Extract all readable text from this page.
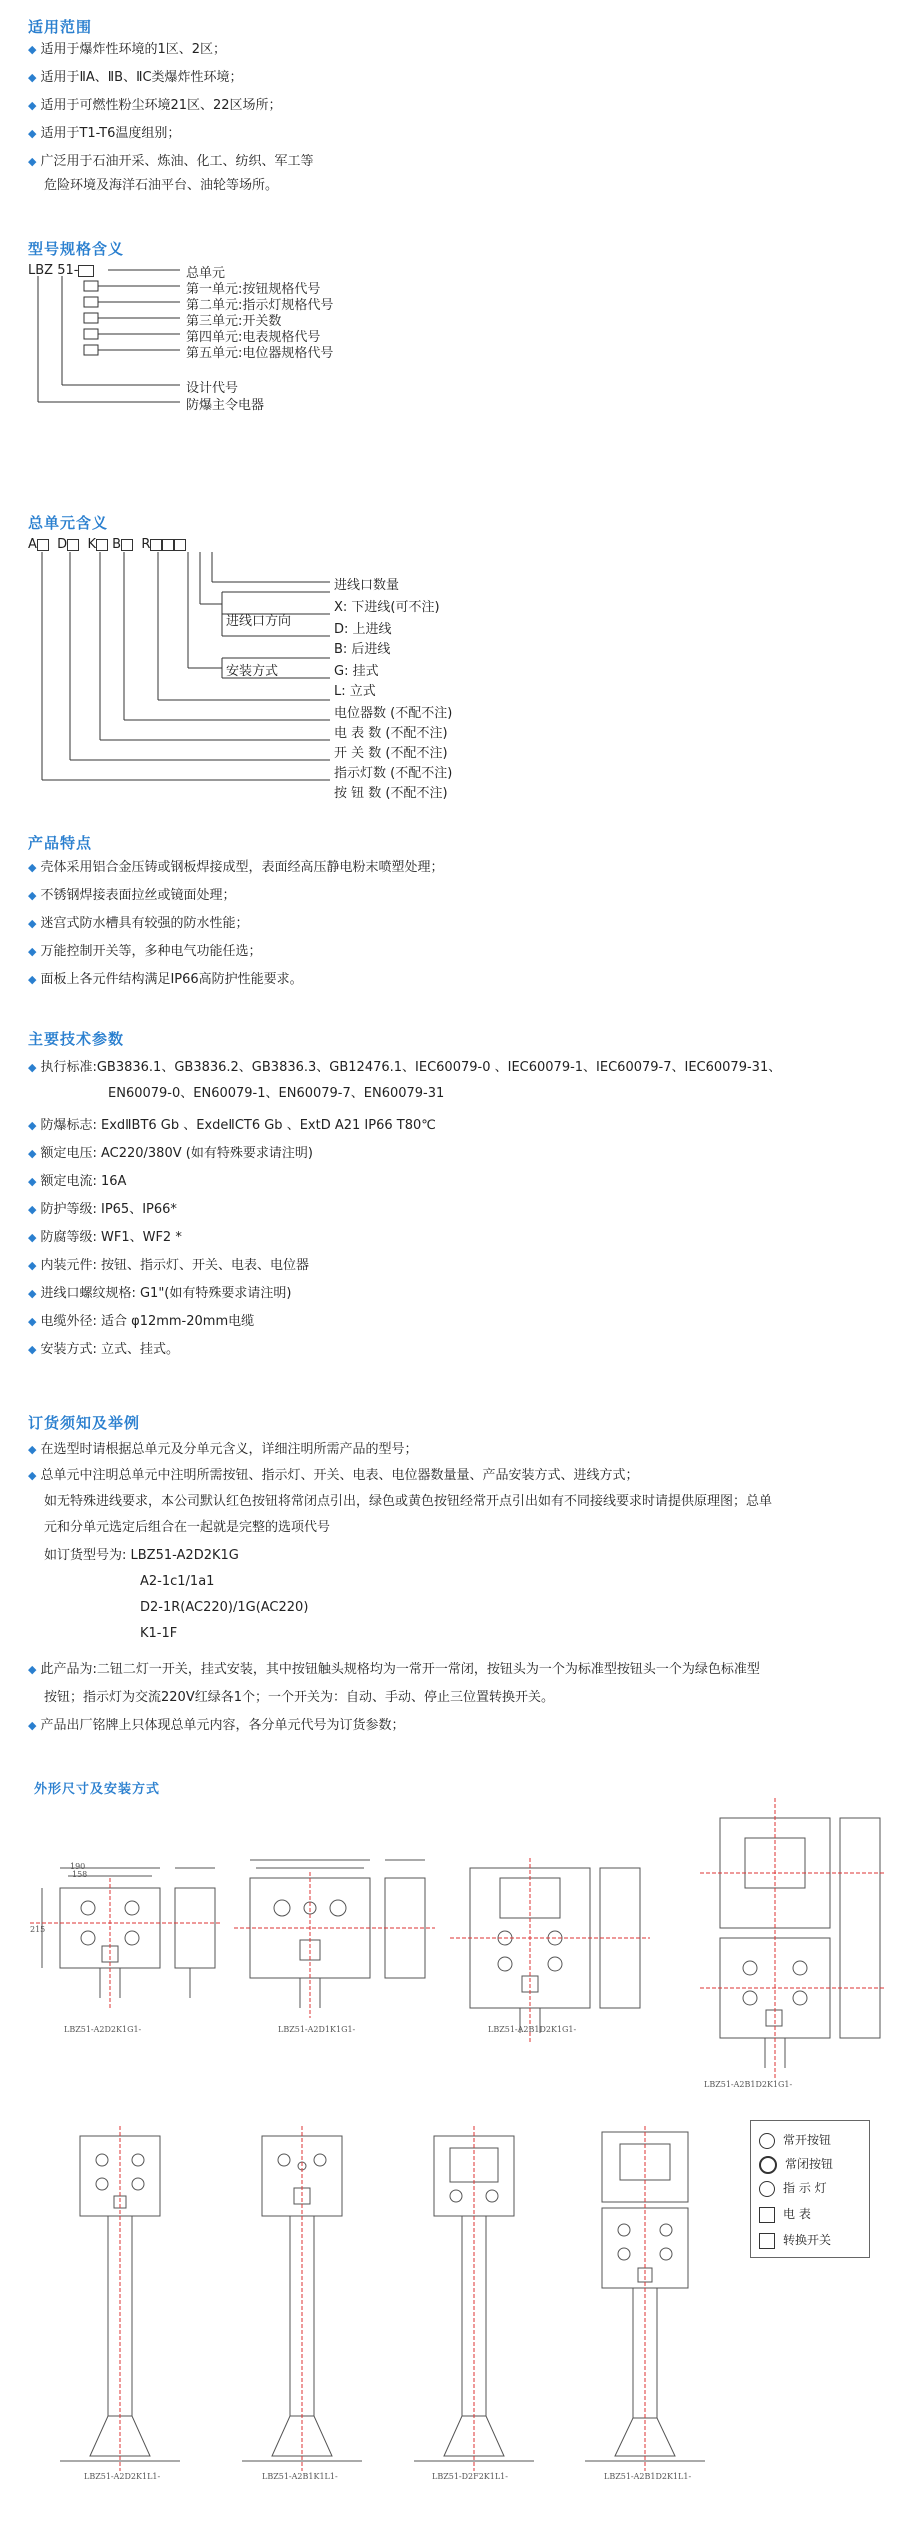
适用范围
◆ 适用于爆炸性环境的1区、2区；
◆ 适用于ⅡA、ⅡB、ⅡC类爆炸性环境；
◆ 适用于可燃性粉尘环境21区、22区场所；
◆ 适用于T1-T6温度组别；
◆ 广泛用于石油开采、炼油、化工、纺织、军工等
危险环境及海洋石油平台、油轮等场所。
型号规格含义
LBZ 51-	总单元
第一单元:按钮规格代号
第二单元:指示灯规格代号
第三单元:开关数
第四单元:电表规格代号
第五单元:电位器规格代号
设计代号
防爆主令电器
总单元含义
A D K B R
进线口数量
X: 下进线(可不注)
进线口方向
D: 上进线
B: 后进线
安装方式	G: 挂式
L: 立式
电位器数 (不配不注)
电 表 数 (不配不注)
开 关 数 (不配不注)
指示灯数 (不配不注)
按 钮 数 (不配不注)
产品特点
◆ 壳体采用铝合金压铸或钢板焊接成型，表面经高压静电粉末喷塑处理；
◆ 不锈钢焊接表面拉丝或镜面处理；
◆ 迷宫式防水槽具有较强的防水性能；
◆ 万能控制开关等，多种电气功能任选；
◆ 面板上各元件结构满足IP66高防护性能要求。
主要技术参数
◆ 执行标准:GB3836.1、GB3836.2、GB3836.3、GB12476.1、IEC60079-0 、IEC60079-1、IEC60079-7、IEC60079-31、
EN60079-0、EN60079-1、EN60079-7、EN60079-31
◆ 防爆标志: ExdⅡBT6 Gb 、ExdeⅡCT6 Gb 、ExtD A21 IP66 T80℃
◆ 额定电压: AC220/380V (如有特殊要求请注明)
◆ 额定电流: 16A
◆ 防护等级: IP65、IP66*
◆ 防腐等级: WF1、WF2 *
◆ 内装元件: 按钮、指示灯、开关、电表、电位器
◆ 进线口螺纹规格: G1"(如有特殊要求请注明)
◆ 电缆外径: 适合 φ12mm-20mm电缆
◆ 安装方式: 立式、挂式。
订货须知及举例
◆ 在选型时请根据总单元及分单元含义，详细注明所需产品的型号；
◆ 总单元中注明总单元中注明所需按钮、指示灯、开关、电表、电位器数量量、产品安装方式、进线方式；
如无特殊进线要求，本公司默认红色按钮将常闭点引出，绿色或黄色按钮经常开点引出如有不同接线要求时请提供原理图；总单
元和分单元选定后组合在一起就是完整的选项代号
如订货型号为: LBZ51-A2D2K1G
A2-1c1/1a1
D2-1R(AC220)/1G(AC220)
K1-1F
◆ 此产品为:二钮二灯一开关，挂式安装，其中按钮触头规格均为一常开一常闭，按钮头为一个为标准型按钮头一个为绿色标准型
按钮；指示灯为交流220V红绿各1个；一个开关为：自动、手动、停止三位置转换开关。
◆ 产品出厂铭牌上只体现总单元内容，各分单元代号为订货参数；
外形尺寸及安装方式
LBZ51-A2D2K1G1-
190
158
215
LBZ51-A2D1K1G1-	LBZ51-A2B1D2K1G1-
LBZ51-A2B1D2K1G1-
LBZ51-A2D2K1L1-	LBZ51-A2B1K1L1-	LBZ51-D2F2K1L1-	LBZ51-A2B1D2K1L1-
常开按钮
常闭按钮
指 示 灯
电 表
转换开关
